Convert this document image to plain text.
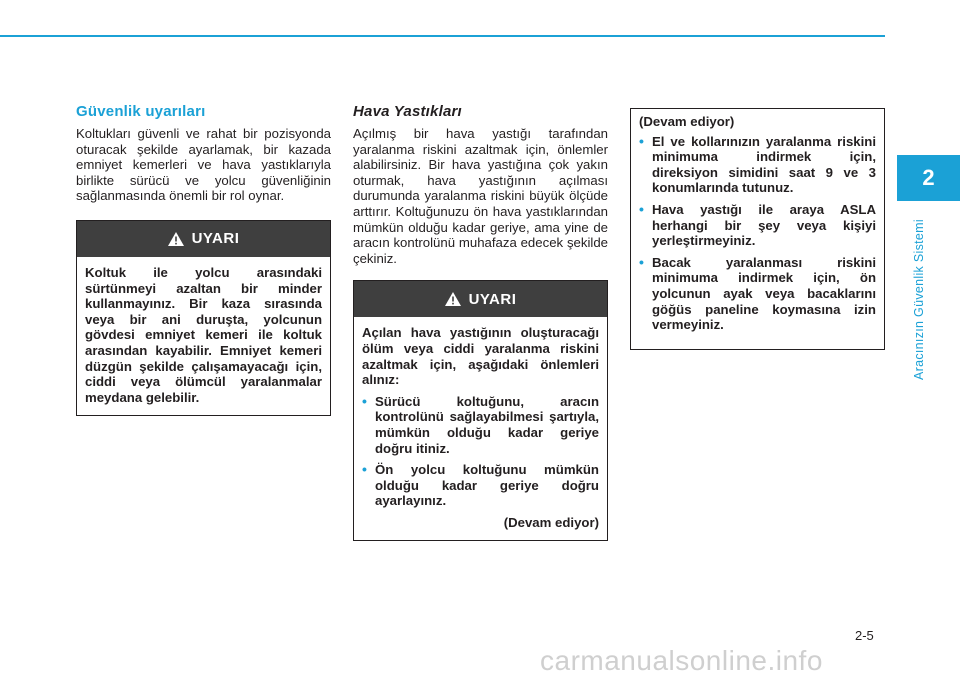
Güvenlik uyarıları

Koltukları güvenli ve rahat bir pozisyonda oturacak şekilde ayarlamak, bir kazada emniyet kemerleri ve hava yastıklarıyla birlikte sürücü ve yolcu güvenliğinin sağlanmasında önemli bir rol oynar.

UYARI

Koltuk ile yolcu arasındaki sürtünmeyi azaltan bir minder kullanmayınız. Bir kaza sırasında veya bir ani duruşta, yolcunun gövdesi emniyet kemeri ile koltuk arasından kayabilir. Emniyet kemeri düzgün şekilde çalışamayacağı için, ciddi veya ölümcül yaralanmalar meydana gelebilir.

Hava Yastıkları

Açılmış bir hava yastığı tarafından yaralanma riskini azaltmak için, önlemler alabilirsiniz. Bir hava yastığına çok yakın oturmak, hava yastığının açılması durumunda yaralanma riskini büyük ölçüde arttırır. Koltuğunuzu ön hava yastıklarından mümkün olduğu kadar geriye, ama yine de aracın kontrolünü muhafaza edecek şekilde çekiniz.

UYARI

Açılan hava yastığının oluşturacağı ölüm veya ciddi yaralanma riskini azaltmak için, aşağıdaki önlemleri alınız:

• Sürücü koltuğunu, aracın kontrolünü sağlayabilmesi şartıyla, mümkün olduğu kadar geriye doğru itiniz.
• Ön yolcu koltuğunu mümkün olduğu kadar geriye doğru ayarlayınız.
(Devam ediyor)

(Devam ediyor)

• El ve kollarınızın yaralanma riskini minimuma indirmek için, direksiyon simidini saat 9 ve 3 konumlarında tutunuz.
• Hava yastığı ile araya ASLA herhangi bir şey veya kişiyi yerleştirmeyiniz.
• Bacak yaralanması riskini minimuma indirmek için, ön yolcunun ayak veya bacaklarını göğüs paneline koymasına izin vermeyiniz.
2
Aracınızın Güvenlik Sistemi
2-5
carmanualsonline.info
